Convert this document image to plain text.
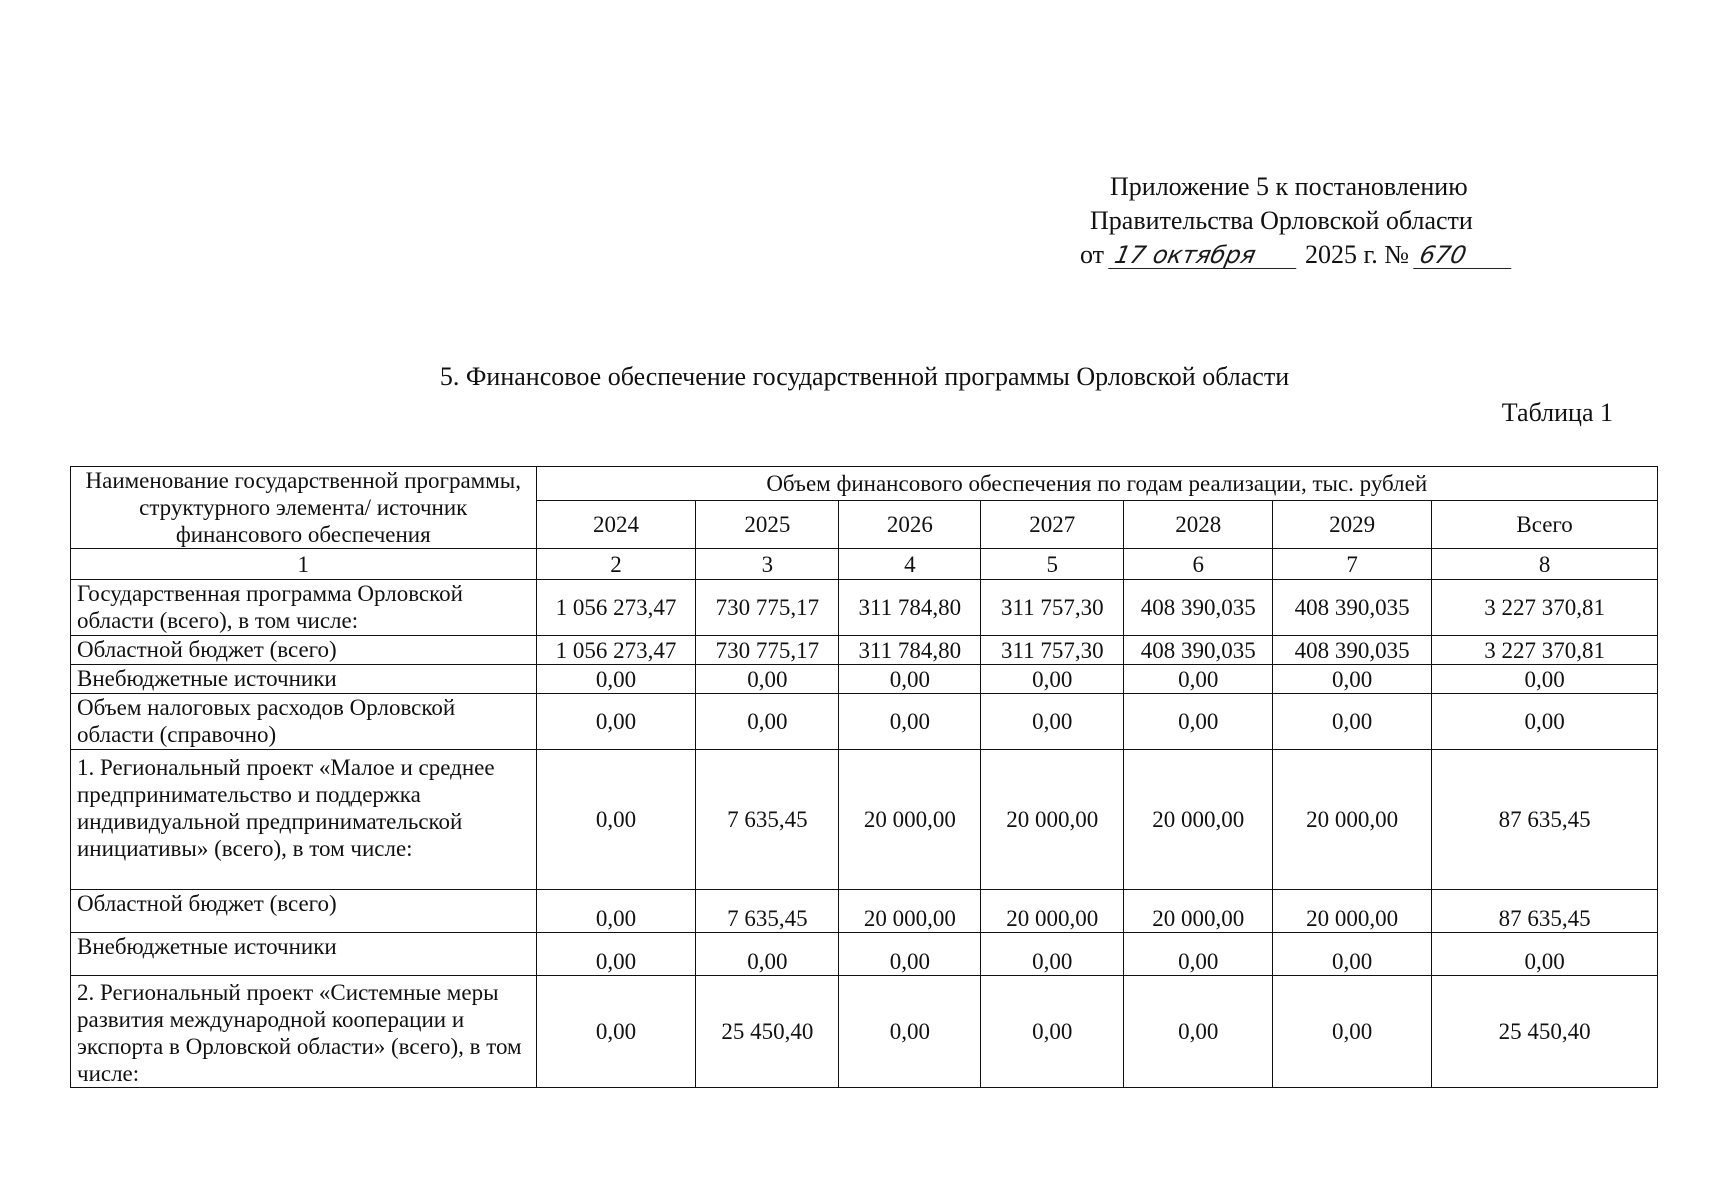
Приложение 5 к постановлению
Правительства Орловской области
от 17 октября 2025 г. № 670
5. Финансовое обеспечение государственной программы Орловской области
Таблица 1
Наименование государственной программы, структурного элемента/ источник финансового обеспечения	Объем финансового обеспечения по годам реализации, тыс. рублей						
	2024	2025	2026	2027	2028	2029	Всего
1	2	3	4	5	6	7	8
Государственная программа Орловской области (всего), в том числе:	1 056 273,47	730 775,17	311 784,80	311 757,30	408 390,035	408 390,035	3 227 370,81
Областной бюджет (всего)	1 056 273,47	730 775,17	311 784,80	311 757,30	408 390,035	408 390,035	3 227 370,81
Внебюджетные источники	0,00	0,00	0,00	0,00	0,00	0,00	0,00
Объем налоговых расходов Орловской области (справочно)	0,00	0,00	0,00	0,00	0,00	0,00	0,00
1. Региональный проект «Малое и среднее предпринимательство и поддержка индивидуальной предпринимательской инициативы» (всего), в том числе:	0,00	7 635,45	20 000,00	20 000,00	20 000,00	20 000,00	87 635,45
Областной бюджет (всего)	0,00	7 635,45	20 000,00	20 000,00	20 000,00	20 000,00	87 635,45
Внебюджетные источники	0,00	0,00	0,00	0,00	0,00	0,00	0,00
2. Региональный проект «Системные меры развития международной кооперации и экспорта в Орловской области» (всего), в том числе:	0,00	25 450,40	0,00	0,00	0,00	0,00	25 450,40
